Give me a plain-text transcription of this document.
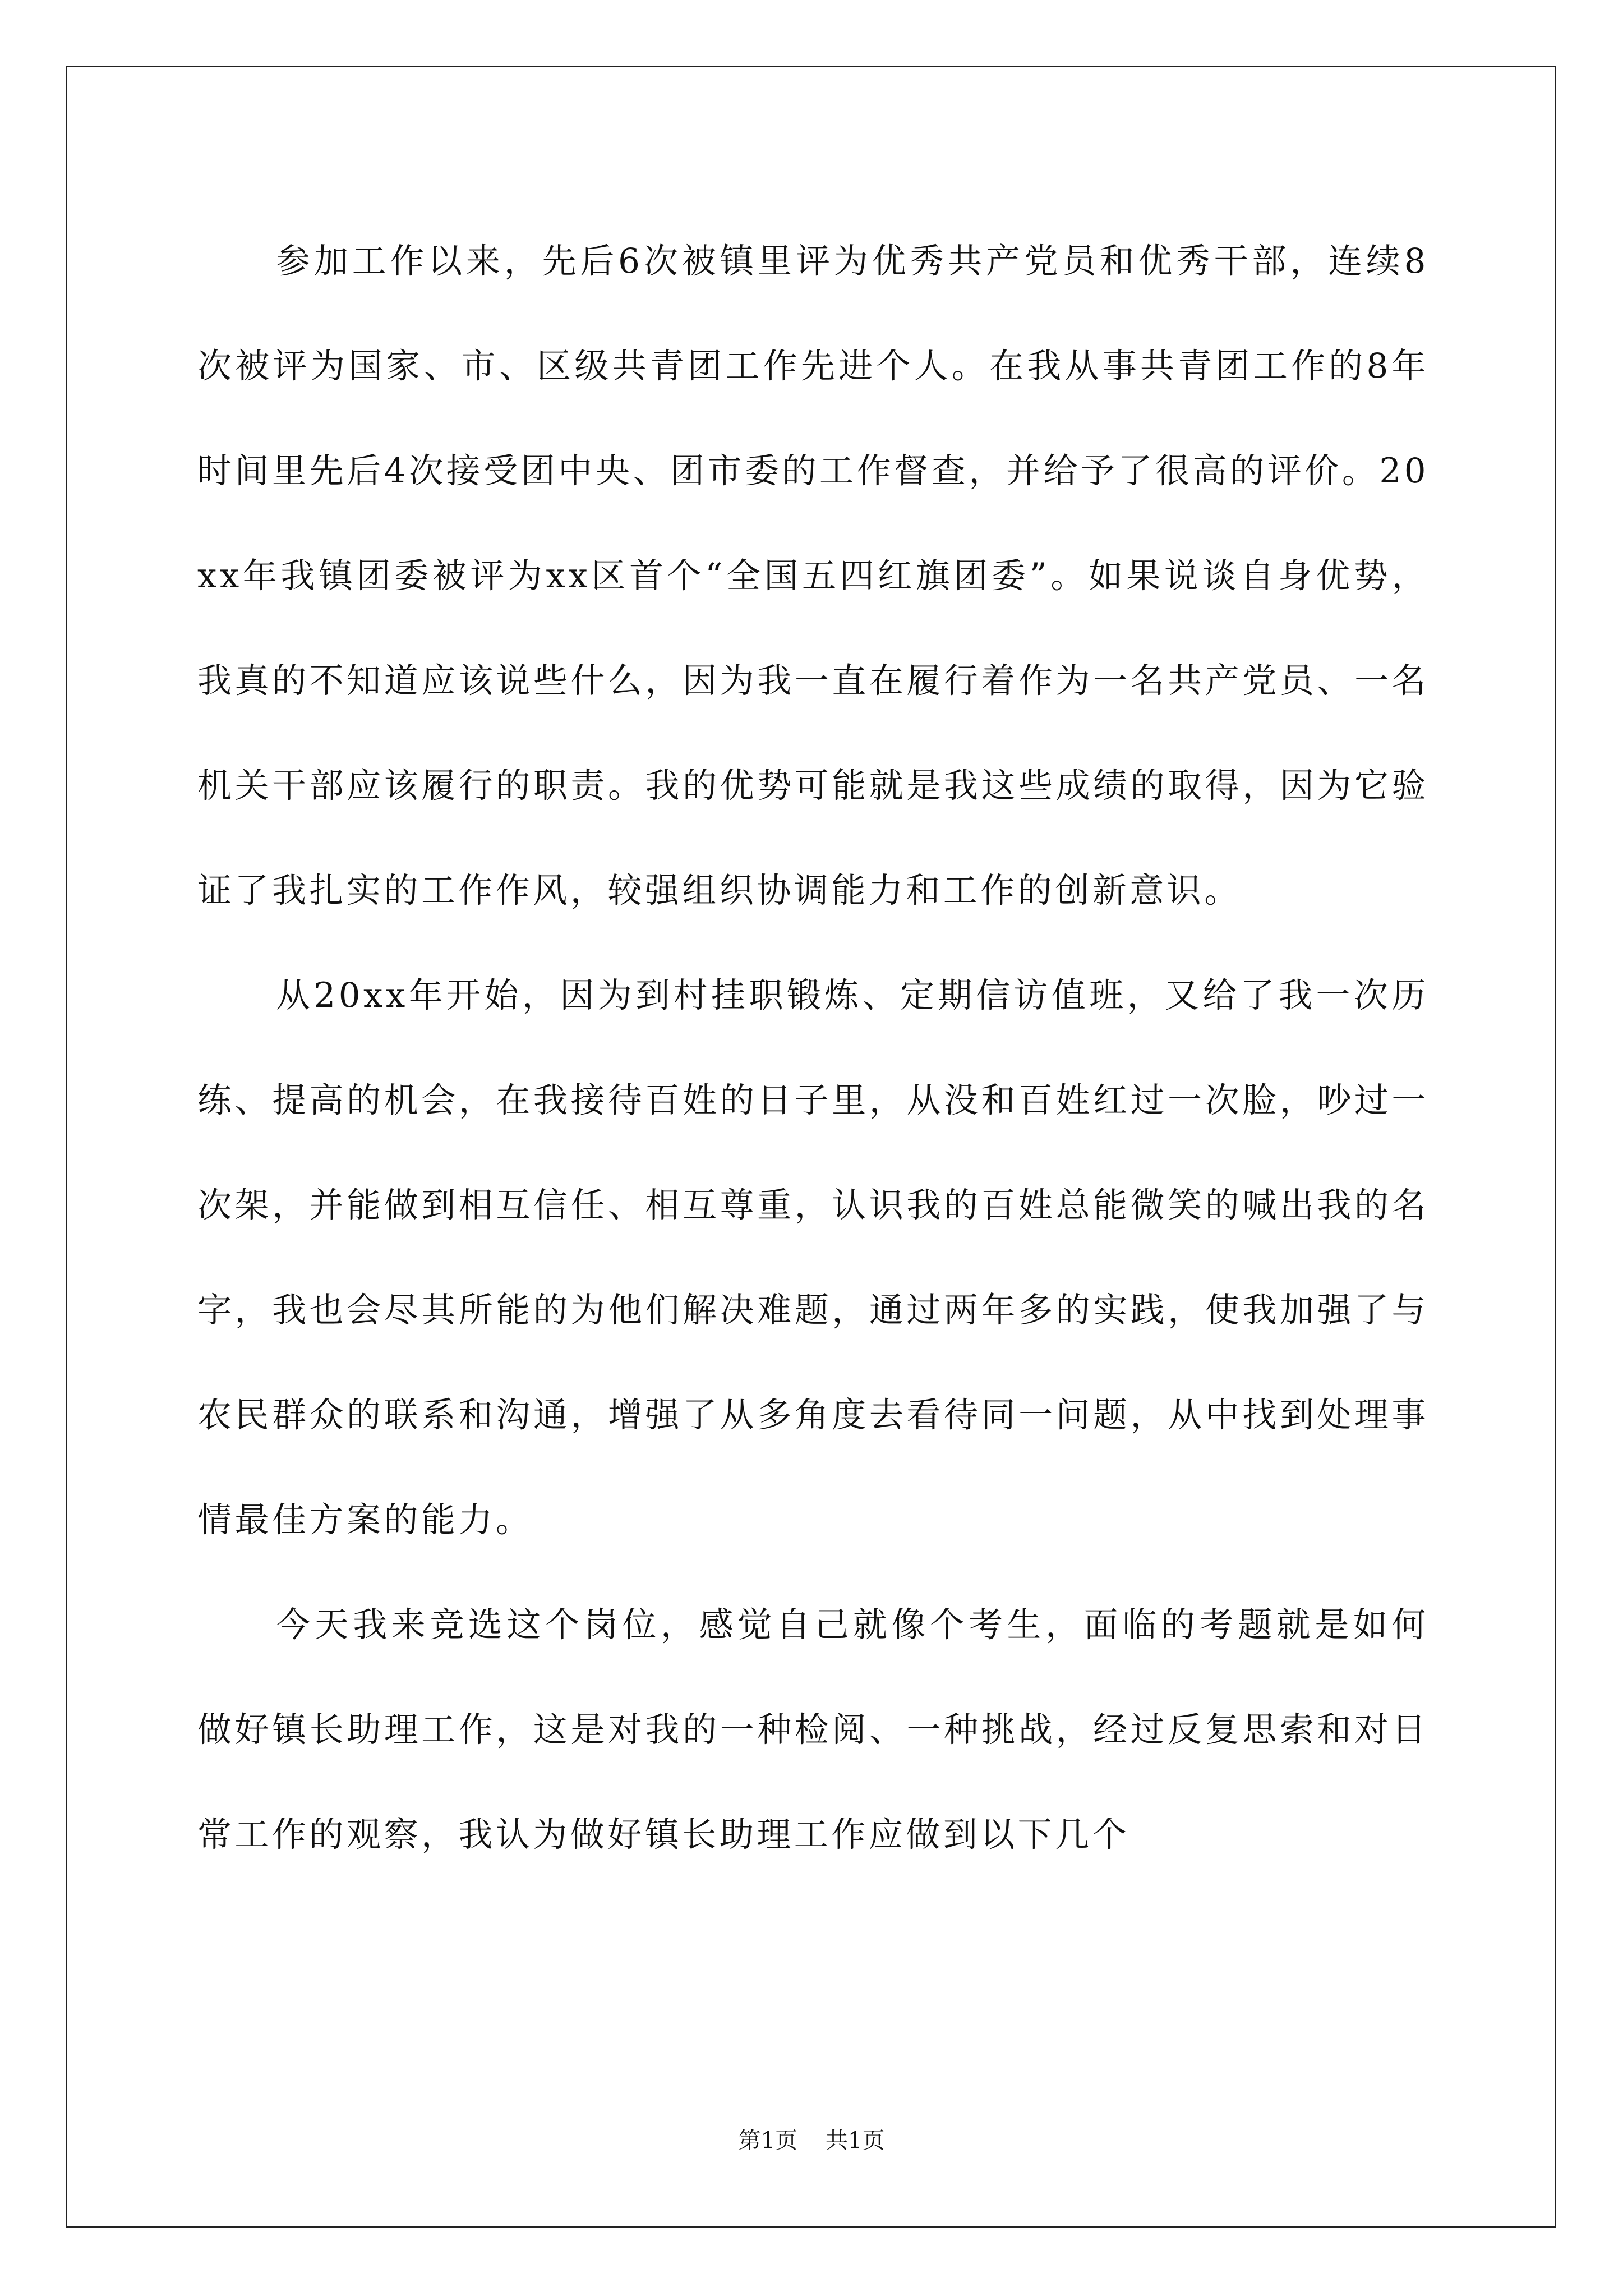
参加工作以来，先后6次被镇里评为优秀共产党员和优秀干部，连续8次被评为国家、市、区级共青团工作先进个人。在我从事共青团工作的8年时间里先后4次接受团中央、团市委的工作督查，并给予了很高的评价。20xx年我镇团委被评为xx区首个“全国五四红旗团委”。如果说谈自身优势，我真的不知道应该说些什么，因为我一直在履行着作为一名共产党员、一名机关干部应该履行的职责。我的优势可能就是我这些成绩的取得，因为它验证了我扎实的工作作风，较强组织协调能力和工作的创新意识。

从20xx年开始，因为到村挂职锻炼、定期信访值班，又给了我一次历练、提高的机会，在我接待百姓的日子里，从没和百姓红过一次脸，吵过一次架，并能做到相互信任、相互尊重，认识我的百姓总能微笑的喊出我的名字，我也会尽其所能的为他们解决难题，通过两年多的实践，使我加强了与农民群众的联系和沟通，增强了从多角度去看待同一问题，从中找到处理事情最佳方案的能力。

今天我来竞选这个岗位，感觉自己就像个考生，面临的考题就是如何做好镇长助理工作，这是对我的一种检阅、一种挑战，经过反复思索和对日常工作的观察，我认为做好镇长助理工作应做到以下几个

第1页 共1页
